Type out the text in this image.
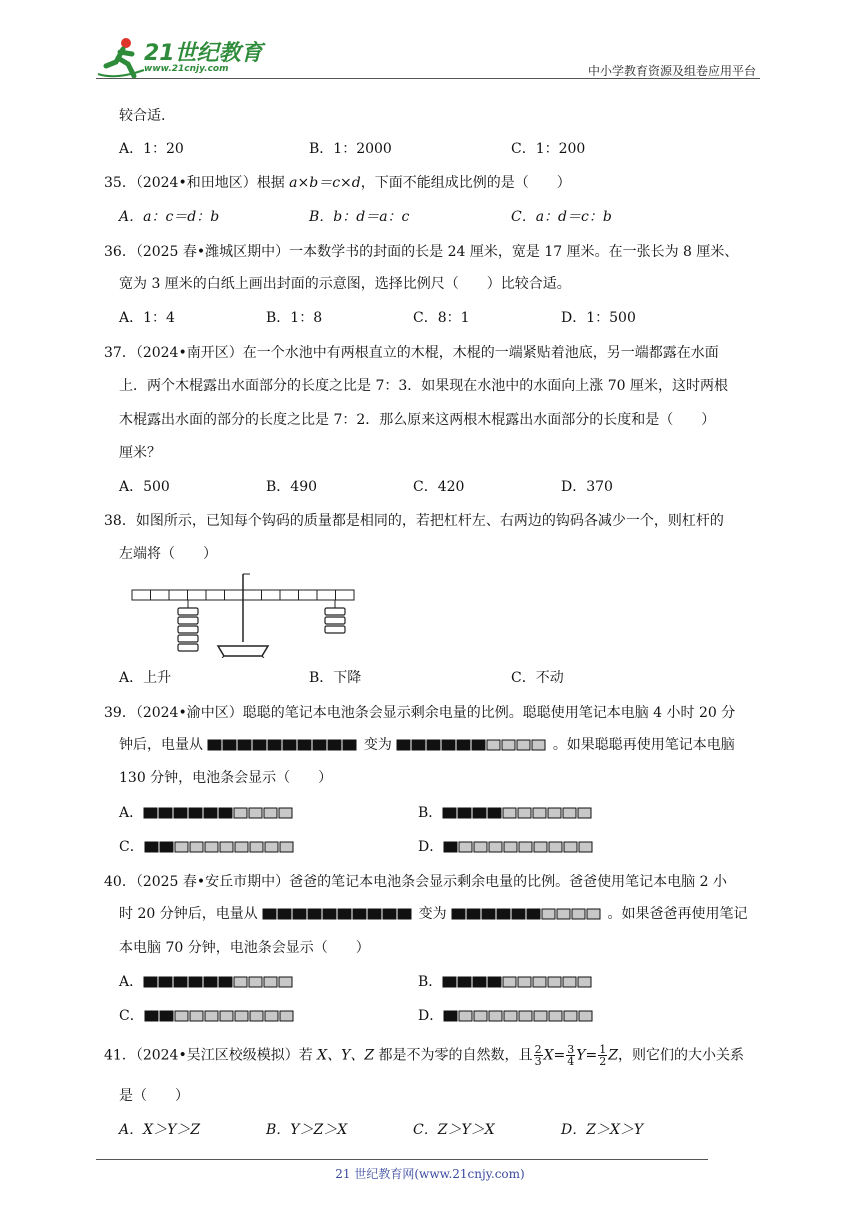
21世纪教育
www.21cnjy.com	中小学教育资源及组卷应用平台
较合适.
A．1：20	B．1：2000	C．1：200
35．（2024•和田地区）根据 a×b＝c×d，下面不能组成比例的是（　　）
A．a：c＝d：b	B．b：d＝a：c	C．a：d＝c：b
36．（2025 春•潍城区期中）一本数学书的封面的长是 24 厘米，宽是 17 厘米。在一张长为 8 厘米、
宽为 3 厘米的白纸上画出封面的示意图，选择比例尺（　　）比较合适。
A．1：4	B．1：8	C．8：1	D．1：500
37．（2024•南开区）在一个水池中有两根直立的木棍，木棍的一端紧贴着池底，另一端都露在水面
上．两个木棍露出水面部分的长度之比是 7：3．如果现在水池中的水面向上涨 70 厘米，这时两根
木棍露出水面的部分的长度之比是 7：2．那么原来这两根木棍露出水面部分的长度和是（　　）
厘米？
A．500	B．490	C．420	D．370
38．如图所示，已知每个钩码的质量都是相同的，若把杠杆左、右两边的钩码各减少一个，则杠杆的
左端将（　　）
A．上升	B．下降	C．不动
39．（2024•渝中区）聪聪的笔记本电池条会显示剩余电量的比例。聪聪使用笔记本电脑 4 小时 20 分
钟后，电量从	变为	。如果聪聪再使用笔记本电脑
130 分钟，电池条会显示（　　）
A．	B．
C．	D．
40．（2025 春•安丘市期中）爸爸的笔记本电池条会显示剩余电量的比例。爸爸使用笔记本电脑 2 小
时 20 分钟后，电量从	变为	。如果爸爸再使用笔记
本电脑 70 分钟，电池条会显示（　　）
A．	B．
C．	D．
41．（2024•吴江区校级模拟）若 X、Y、Z 都是不为零的自然数，且 $\frac{2}{3} X= \frac{3}{4} Y= \frac{1}{2}$ Z，则它们的大小关系
是（　　）
A．X＞Y＞Z	B．Y＞Z＞X	C．Z＞Y＞X	D．Z＞X＞Y
21 世纪教育网(www.21cnjy.com)
